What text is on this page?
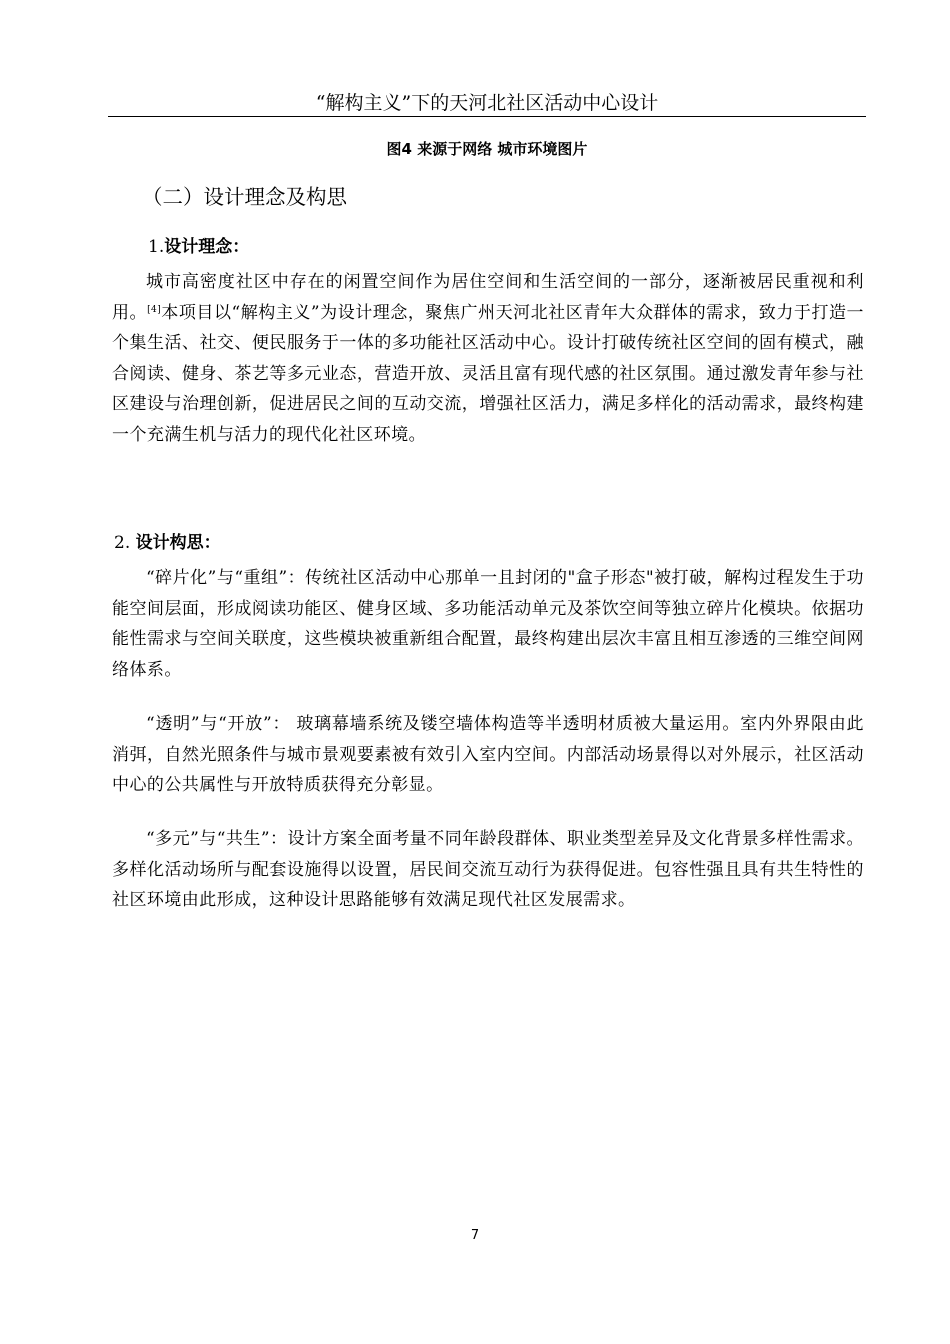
“解构主义”下的天河北社区活动中心设计
图4 来源于网络 城市环境图片
（二）设计理念及构思
1.设计理念：

城市高密度社区中存在的闲置空间作为居住空间和生活空间的一部分，逐渐被居民重视和利用。[4]本项目以“解构主义”为设计理念，聚焦广州天河北社区青年大众群体的需求，致力于打造一个集生活、社交、便民服务于一体的多功能社区活动中心。设计打破传统社区空间的固有模式，融合阅读、健身、茶艺等多元业态，营造开放、灵活且富有现代感的社区氛围。通过激发青年参与社区建设与治理创新，促进居民之间的互动交流，增强社区活力，满足多样化的活动需求，最终构建一个充满生机与活力的现代化社区环境。

2. 设计构思：

“碎片化”与“重组”：传统社区活动中心那单一且封闭的"盒子形态"被打破，解构过程发生于功能空间层面，形成阅读功能区、健身区域、多功能活动单元及茶饮空间等独立碎片化模块。依据功能性需求与空间关联度，这些模块被重新组合配置，最终构建出层次丰富且相互渗透的三维空间网络体系。

“透明”与“开放”： 玻璃幕墙系统及镂空墙体构造等半透明材质被大量运用。室内外界限由此消弭，自然光照条件与城市景观要素被有效引入室内空间。内部活动场景得以对外展示，社区活动中心的公共属性与开放特质获得充分彰显。

“多元”与“共生”：设计方案全面考量不同年龄段群体、职业类型差异及文化背景多样性需求。多样化活动场所与配套设施得以设置，居民间交流互动行为获得促进。包容性强且具有共生特性的社区环境由此形成，这种设计思路能够有效满足现代社区发展需求。

7
